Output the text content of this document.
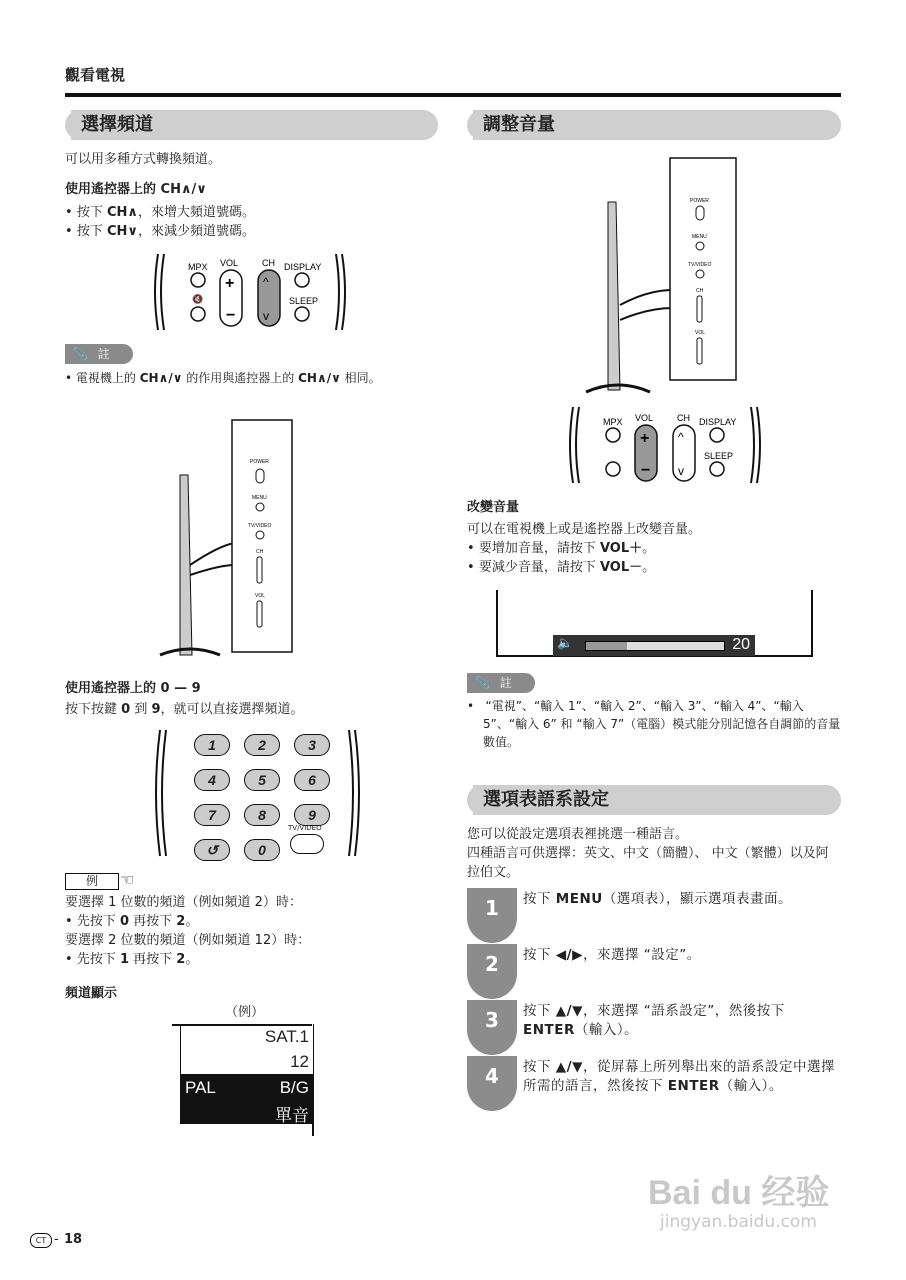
觀看電視
選擇頻道
可以用多種方式轉換頻道。
使用遙控器上的 CH∧/∨
• 按下 CH∧，來增大頻道號碼。
• 按下 CH∨，來減少頻道號碼。
MPX VOL	CH DISPLAY
SLEEP
🔇
+
−
^
v
📎 註
• 電視機上的 CH∧/∨ 的作用與遙控器上的 CH∧/∨ 相同。
POWER
MENU
TV/VIDEO
CH
VOL
使用遙控器上的 0 — 9
按下按鍵 0 到 9，就可以直接選擇頻道。
1	2	3
4	5	6
7	8	9
↺	0
TV/VIDEO
例	☜
要選擇 1 位數的頻道（例如頻道 2）時：
• 先按下 0 再按下 2。
要選擇 2 位數的頻道（例如頻道 12）時：
• 先按下 1 再按下 2。
頻道顯示
（例）
SAT.1
12
PAL	B/G
單音
調整音量
POWER
MENU
TV/VIDEO
CH
VOL
MPX VOL	CH DISPLAY
SLEEP
+
−
^
v
改變音量
可以在電視機上或是遙控器上改變音量。
• 要增加音量，請按下 VOL＋。
• 要減少音量，請按下 VOL－。
🔈	20
📎 註
•   “電視”、“輸入 1”、“輸入 2”、“輸入 3”、“輸入 4”、“輸入 5”、“輸入 6” 和 “輸入 7”（電腦）模式能分別記憶各自調節的音量數值。
選項表語系設定
您可以從設定選項表裡挑選一種語言。
四種語言可供選擇：英文、中文（簡體）、 中文（繁體）以及阿拉伯文。
1	按下 MENU（選項表），顯示選項表畫面。
2	按下 ◀/▶，來選擇 “設定”。
3	按下 ▲/▼，來選擇 “語系設定”，然後按下 ENTER（輸入）。
4	按下 ▲/▼，從屏幕上所列舉出來的語系設定中選擇所需的語言，然後按下 ENTER（輸入）。
Bai du 经验
jingyan.baidu.com
CT - 18
